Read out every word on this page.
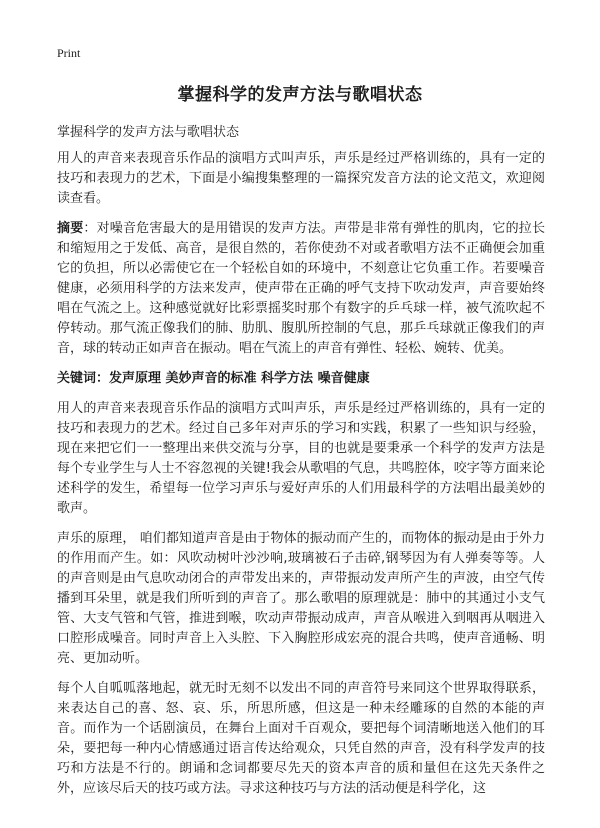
Print
掌握科学的发声方法与歌唱状态
掌握科学的发声方法与歌唱状态

用人的声音来表现音乐作品的演唱方式叫声乐，声乐是经过严格训练的，具有一定的技巧和表现力的艺术，下面是小编搜集整理的一篇探究发音方法的论文范文，欢迎阅读查看。

摘要：对噪音危害最大的是用错误的发声方法。声带是非常有弹性的肌肉，它的拉长和缩短用之于发低、高音，是很自然的，若你使劲不对或者歌唱方法不正确便会加重它的负担，所以必需使它在一个轻松自如的环境中，不刻意让它负重工作。若要噪音健康，必须用科学的方法来发声，使声带在正确的呼气支持下吹动发声，声音要始终唱在气流之上。这种感觉就好比彩票摇奖时那个有数字的乒乓球一样，被气流吹起不停转动。那气流正像我们的肺、肋肌、腹肌所控制的气息，那乒乓球就正像我们的声音，球的转动正如声音在振动。唱在气流上的声音有弹性、轻松、婉转、优美。

关键词：发声原理 美妙声音的标准 科学方法 噪音健康

用人的声音来表现音乐作品的演唱方式叫声乐，声乐是经过严格训练的，具有一定的技巧和表现力的艺术。经过自己多年对声乐的学习和实践，积累了一些知识与经验，现在来把它们一一整理出来供交流与分享，目的也就是要秉承一个科学的发声方法是每个专业学生与人士不容忽视的关键!我会从歌唱的气息，共鸣腔体，咬字等方面来论述科学的发生，希望每一位学习声乐与爱好声乐的人们用最科学的方法唱出最美妙的歌声。

声乐的原理， 咱们都知道声音是由于物体的振动而产生的，而物体的振动是由于外力的作用而产生。如：风吹动树叶沙沙响,玻璃被石子击碎,钢琴因为有人弹奏等等。人的声音则是由气息吹动闭合的声带发出来的，声带振动发声所产生的声波，由空气传播到耳朵里，就是我们所听到的声音了。那么歌唱的原理就是：肺中的其通过小支气管、大支气管和气管，推进到喉，吹动声带振动成声，声音从喉进入到咽再从咽进入口腔形成噪音。同时声音上入头腔、下入胸腔形成宏亮的混合共鸣，使声音通畅、明亮、更加动听。

每个人自呱呱落地起，就无时无刻不以发出不同的声音符号来同这个世界取得联系，来表达自己的喜、怒、哀、乐，所思所感，但这是一种未经雕琢的自然的本能的声音。而作为一个话剧演员，在舞台上面对千百观众，要把每个词清晰地送入他们的耳朵，要把每一种内心情感通过语言传达给观众，只凭自然的声音，没有科学发声的技巧和方法是不行的。朗诵和念词都要尽先天的资本声音的质和量但在这先天条件之外，应该尽后天的技巧或方法。寻求这种技巧与方法的活动便是科学化，这
